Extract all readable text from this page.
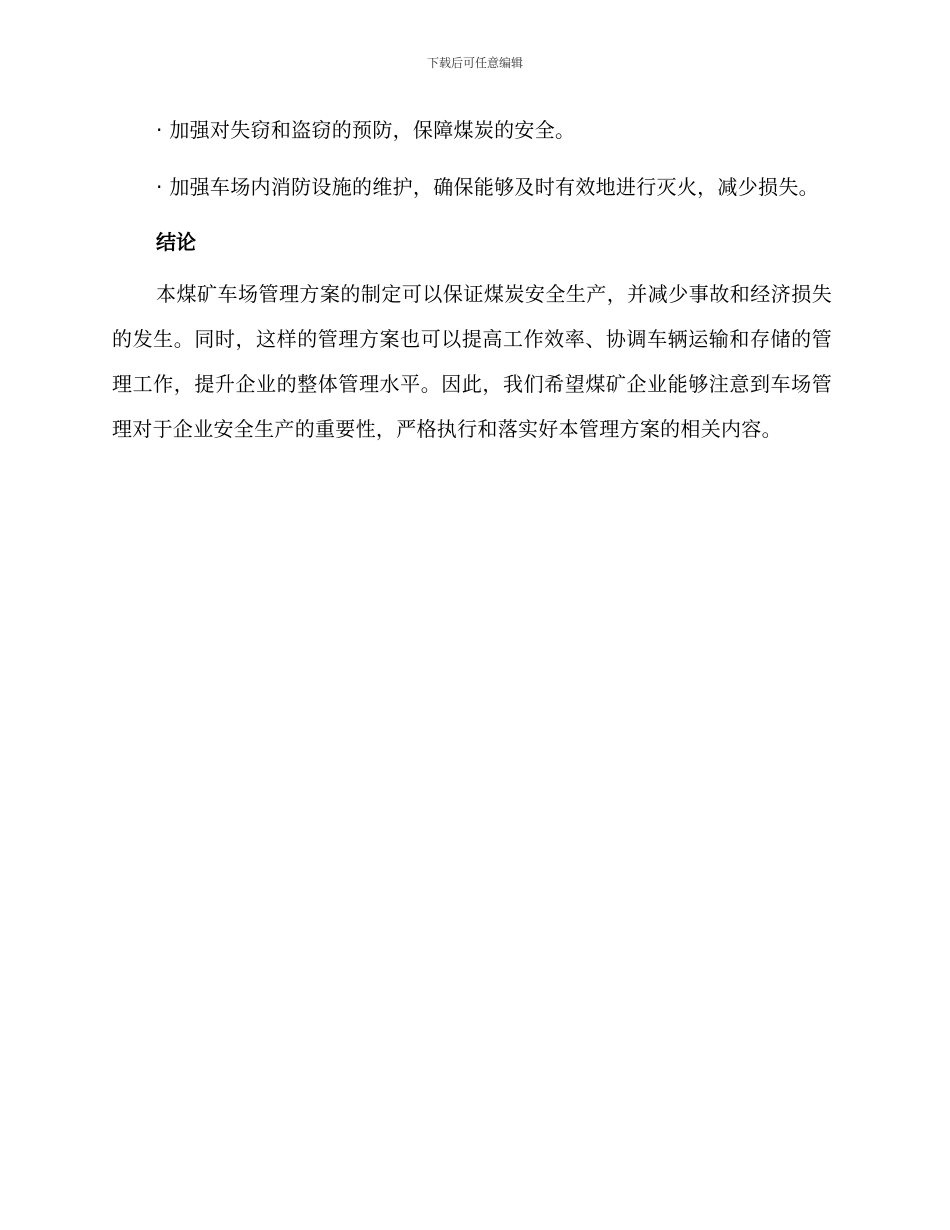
下载后可任意编辑

· 加强对失窃和盗窃的预防，保障煤炭的安全。

· 加强车场内消防设施的维护，确保能够及时有效地进行灭火，减少损失。

结论

本煤矿车场管理方案的制定可以保证煤炭安全生产，并减少事故和经济损失的发生。同时，这样的管理方案也可以提高工作效率、协调车辆运输和存储的管理工作，提升企业的整体管理水平。因此，我们希望煤矿企业能够注意到车场管理对于企业安全生产的重要性，严格执行和落实好本管理方案的相关内容。
